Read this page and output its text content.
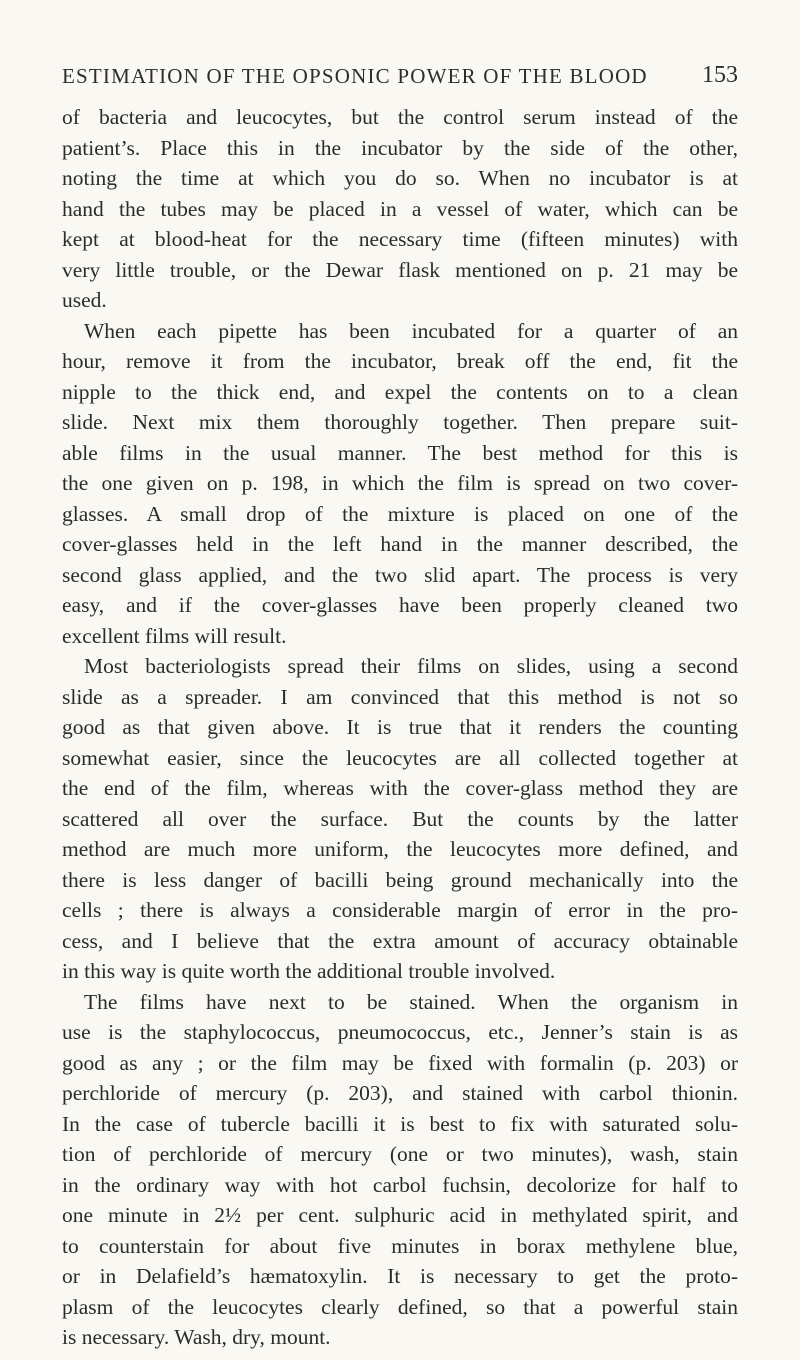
ESTIMATION OF THE OPSONIC POWER OF THE BLOOD 153
of bacteria and leucocytes, but the control serum instead of the
patient’s. Place this in the incubator by the side of the other,
noting the time at which you do so. When no incubator is at
hand the tubes may be placed in a vessel of water, which can be
kept at blood-heat for the necessary time (fifteen minutes) with
very little trouble, or the Dewar flask mentioned on p. 21 may be
used.
When each pipette has been incubated for a quarter of an
hour, remove it from the incubator, break off the end, fit the
nipple to the thick end, and expel the contents on to a clean
slide. Next mix them thoroughly together. Then prepare suit-
able films in the usual manner. The best method for this is
the one given on p. 198, in which the film is spread on two cover-
glasses. A small drop of the mixture is placed on one of the
cover-glasses held in the left hand in the manner described, the
second glass applied, and the two slid apart. The process is very
easy, and if the cover-glasses have been properly cleaned two
excellent films will result.
Most bacteriologists spread their films on slides, using a second
slide as a spreader. I am convinced that this method is not so
good as that given above. It is true that it renders the counting
somewhat easier, since the leucocytes are all collected together at
the end of the film, whereas with the cover-glass method they are
scattered all over the surface. But the counts by the latter
method are much more uniform, the leucocytes more defined, and
there is less danger of bacilli being ground mechanically into the
cells ; there is always a considerable margin of error in the pro-
cess, and I believe that the extra amount of accuracy obtainable
in this way is quite worth the additional trouble involved.
The films have next to be stained. When the organism in
use is the staphylococcus, pneumococcus, etc., Jenner’s stain is as
good as any ; or the film may be fixed with formalin (p. 203) or
perchloride of mercury (p. 203), and stained with carbol thionin.
In the case of tubercle bacilli it is best to fix with saturated solu-
tion of perchloride of mercury (one or two minutes), wash, stain
in the ordinary way with hot carbol fuchsin, decolorize for half to
one minute in 2½ per cent. sulphuric acid in methylated spirit, and
to counterstain for about five minutes in borax methylene blue,
or in Delafield’s hæmatoxylin. It is necessary to get the proto-
plasm of the leucocytes clearly defined, so that a powerful stain
is necessary. Wash, dry, mount.
